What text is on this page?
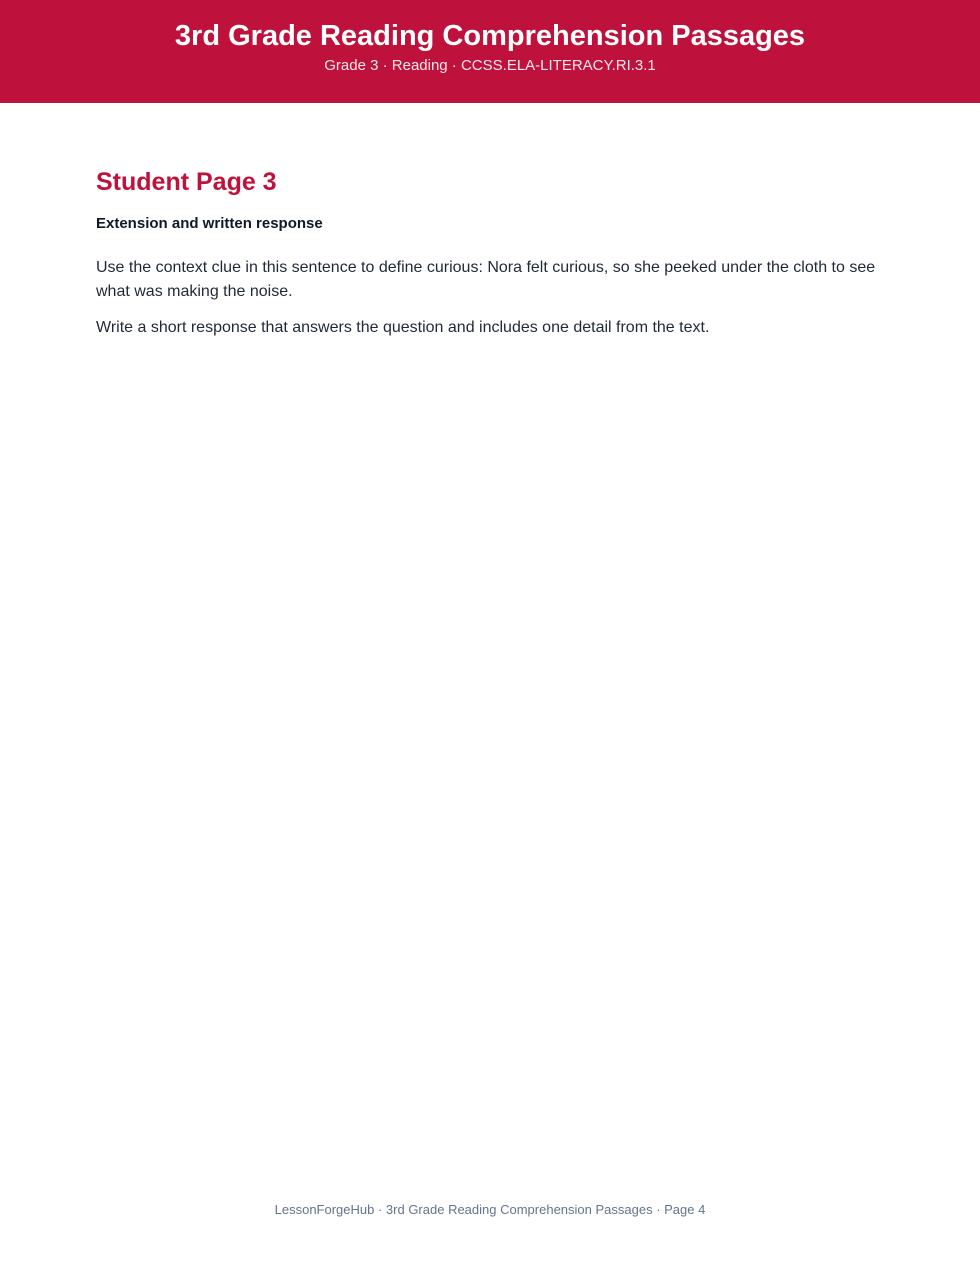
3rd Grade Reading Comprehension Passages
Grade 3 · Reading · CCSS.ELA-LITERACY.RI.3.1
Student Page 3
Extension and written response

Use the context clue in this sentence to define curious: Nora felt curious, so she peeked under the cloth to see what was making the noise.

Write a short response that answers the question and includes one detail from the text.

LessonForgeHub · 3rd Grade Reading Comprehension Passages · Page 4
